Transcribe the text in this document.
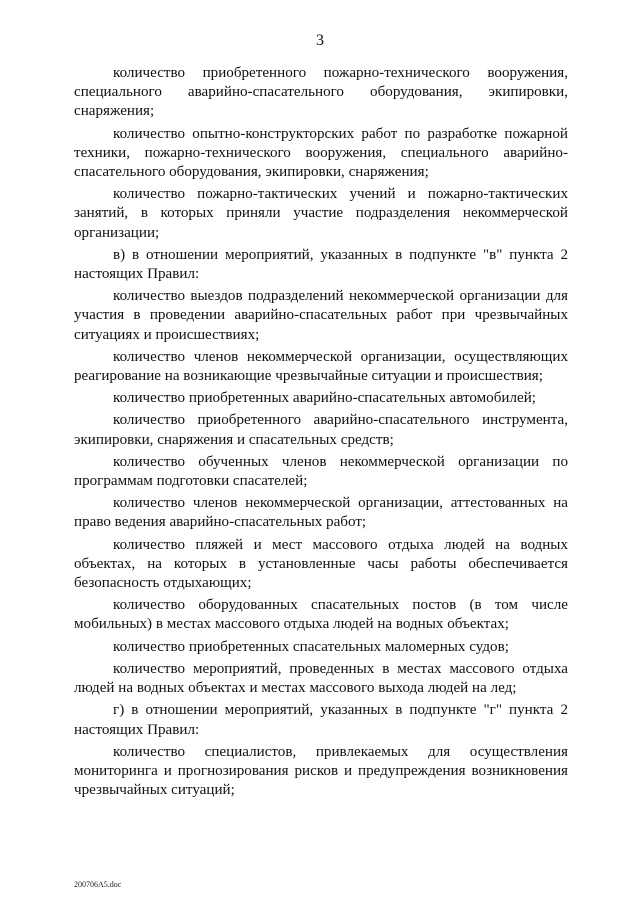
3

количество приобретенного пожарно-технического вооружения, специального аварийно-спасательного оборудования, экипировки, снаряжения;

количество опытно-конструкторских работ по разработке пожарной техники, пожарно-технического вооружения, специального аварийно-спасательного оборудования, экипировки, снаряжения;

количество пожарно-тактических учений и пожарно-тактических занятий, в которых приняли участие подразделения некоммерческой организации;

в) в отношении мероприятий, указанных в подпункте "в" пункта 2 настоящих Правил:

количество выездов подразделений некоммерческой организации для участия в проведении аварийно-спасательных работ при чрезвычайных ситуациях и происшествиях;

количество членов некоммерческой организации, осуществляющих реагирование на возникающие чрезвычайные ситуации и происшествия;

количество приобретенных аварийно-спасательных автомобилей;

количество приобретенного аварийно-спасательного инструмента, экипировки, снаряжения и спасательных средств;

количество обученных членов некоммерческой организации по программам подготовки спасателей;

количество членов некоммерческой организации, аттестованных на право ведения аварийно-спасательных работ;

количество пляжей и мест массового отдыха людей на водных объектах, на которых в установленные часы работы обеспечивается безопасность отдыхающих;

количество оборудованных спасательных постов (в том числе мобильных) в местах массового отдыха людей на водных объектах;

количество приобретенных спасательных маломерных судов;

количество мероприятий, проведенных в местах массового отдыха людей на водных объектах и местах массового выхода людей на лед;

г) в отношении мероприятий, указанных в подпункте "г" пункта 2 настоящих Правил:

количество специалистов, привлекаемых для осуществления мониторинга и прогнозирования рисков и предупреждения возникновения чрезвычайных ситуаций;

200706A5.doc
